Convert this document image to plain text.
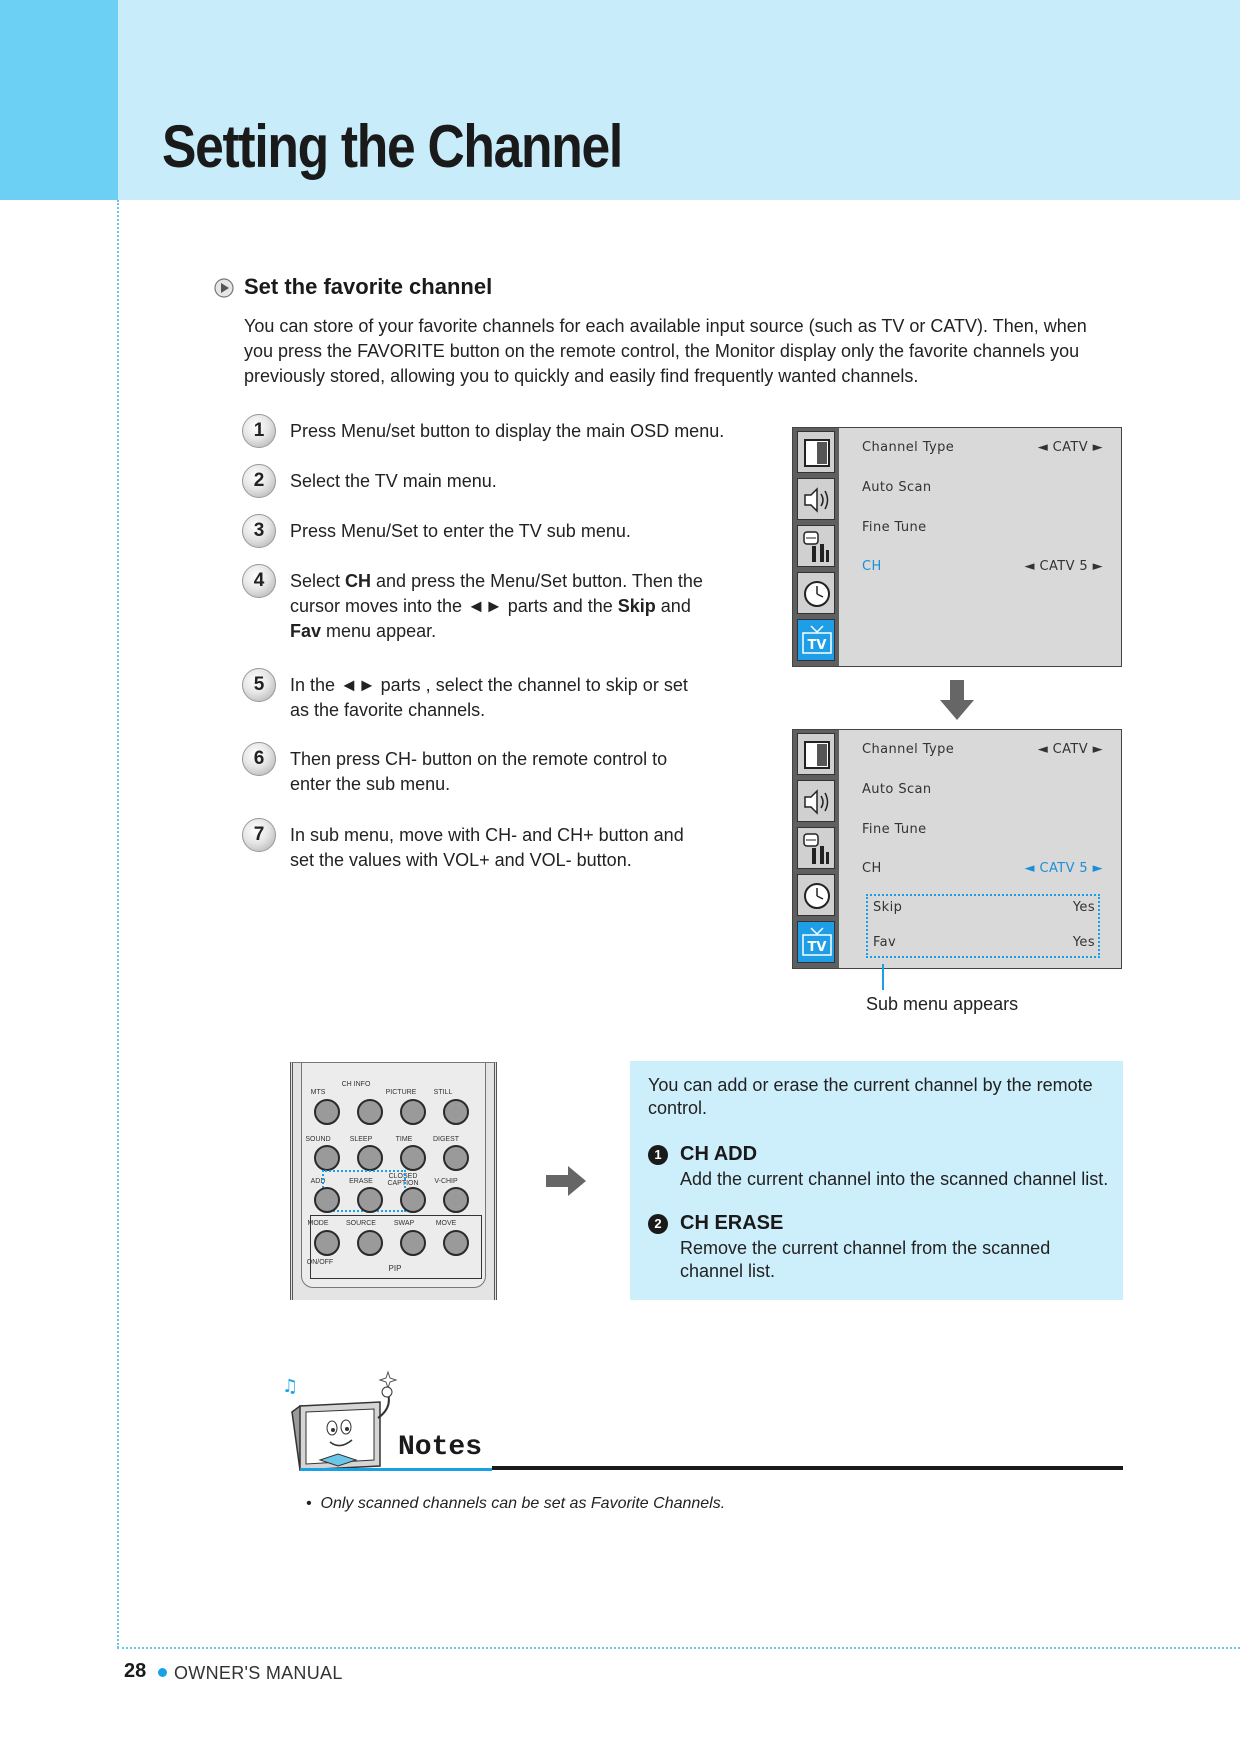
Setting the Channel
Set the favorite channel
You can store of your favorite channels for each available input source (such as TV or CATV). Then, when you press the FAVORITE button on the remote control, the Monitor display only the favorite channels you previously stored, allowing you to quickly and easily find frequently wanted channels.
1	Press Menu/set button to display the main OSD menu.
2	Select the TV main menu.
3	Press Menu/Set to enter the TV sub menu.
4	Select CH and press the Menu/Set button. Then the cursor moves into the ◄► parts and the Skip and Fav menu appear.
5	In the ◄► parts , select the channel to skip or set as the favorite channels.
6	Then press CH- button on the remote control to enter the sub menu.
7	In sub menu, move with CH- and CH+ button and set the values with VOL+ and VOL- button.
TV
Channel Type	◄ CATV ►
Auto Scan
Fine Tune
CH	◄ CATV 5 ►
TV
Channel Type	◄ CATV ►
Auto Scan
Fine Tune
CH	◄ CATV 5 ►
Skip	Yes
Fav	Yes
Sub menu appears
MTS
CH INFO
PICTURE	STILL
SOUND	SLEEP	TIME	DIGEST
ADD	ERASE
CLOSED CAPTION	V-CHIP
MODE	SOURCE	SWAP	MOVE
ON/OFF
PIP
You can add or erase the current channel by the remote control.
1 CH ADD
Add the current channel into the scanned channel list.
2 CH ERASE
Remove the current channel from the scanned channel list.
♫
Notes
•  Only scanned channels can be set as Favorite Channels.
28 OWNER'S MANUAL
